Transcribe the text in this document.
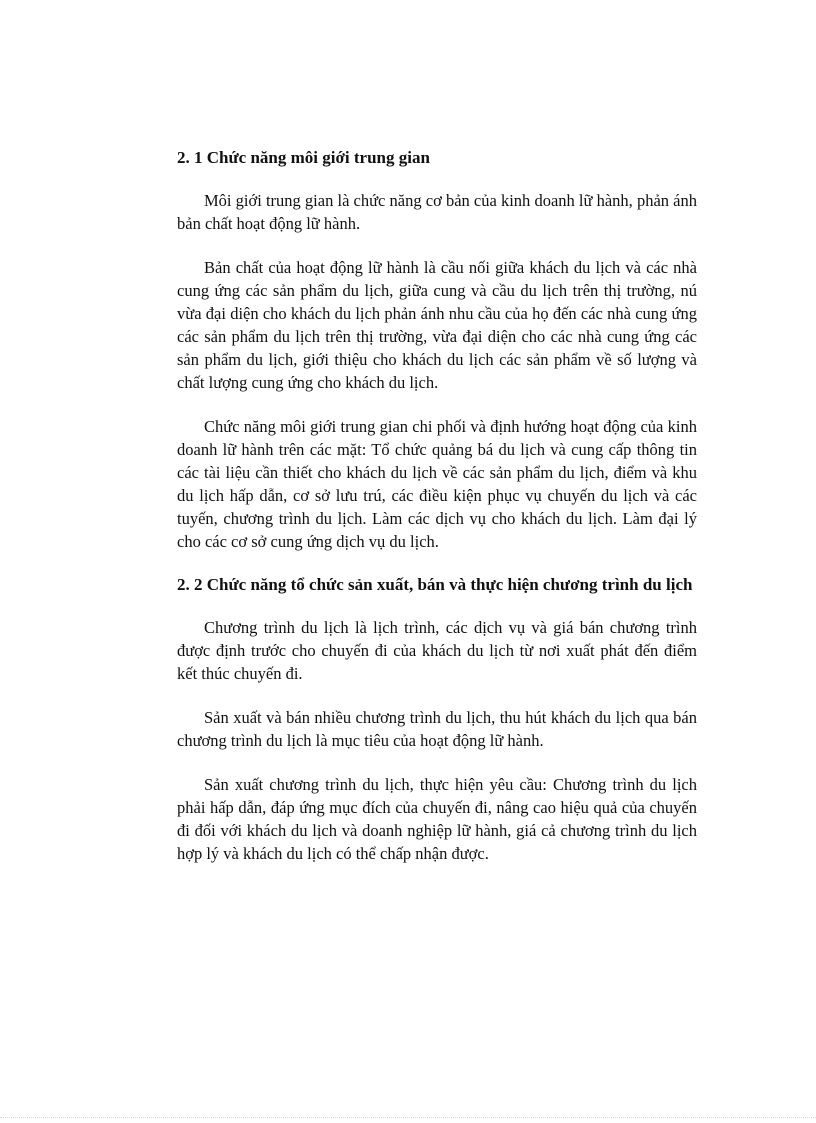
2. 1 Chức năng môi giới trung gian

Môi giới trung gian là chức năng cơ bản của kinh doanh lữ hành, phản ánh bản chất hoạt động lữ hành.

Bản chất của hoạt động lữ hành là cầu nối giữa khách du lịch và các nhà cung ứng các sản phẩm du lịch, giữa cung và cầu du lịch trên thị trường, nú vừa đại diện cho khách du lịch phản ánh nhu cầu của họ đến các nhà cung ứng các sản phẩm du lịch trên thị trường, vừa đại diện cho các nhà cung ứng các sản phẩm du lịch, giới thiệu cho khách du lịch các sản phẩm về số lượng và chất lượng cung ứng cho khách du lịch.

Chức năng môi giới trung gian chi phối và định hướng hoạt động của kinh doanh lữ hành trên các mặt: Tổ chức quảng bá du lịch và cung cấp thông tin các tài liệu cần thiết cho khách du lịch về các sản phẩm du lịch, điểm và khu du lịch hấp dẫn, cơ sở lưu trú, các điều kiện phục vụ chuyến du lịch và các tuyến, chương trình du lịch. Làm các dịch vụ cho khách du lịch. Làm đại lý cho các cơ sở cung ứng dịch vụ du lịch.

2. 2 Chức năng tổ chức sản xuất, bán và thực hiện chương trình du lịch

Chương trình du lịch là lịch trình, các dịch vụ và giá bán chương trình được định trước cho chuyến đi của khách du lịch từ nơi xuất phát đến điểm kết thúc chuyến đi.

Sản xuất và bán nhiều chương trình du lịch, thu hút khách du lịch qua bán chương trình du lịch là mục tiêu của hoạt động lữ hành.

Sản xuất chương trình du lịch, thực hiện yêu cầu: Chương trình du lịch phải hấp dẫn, đáp ứng mục đích của chuyến đi, nâng cao hiệu quả của chuyến đi đối với khách du lịch và doanh nghiệp lữ hành, giá cả chương trình du lịch hợp lý và khách du lịch có thể chấp nhận được.
